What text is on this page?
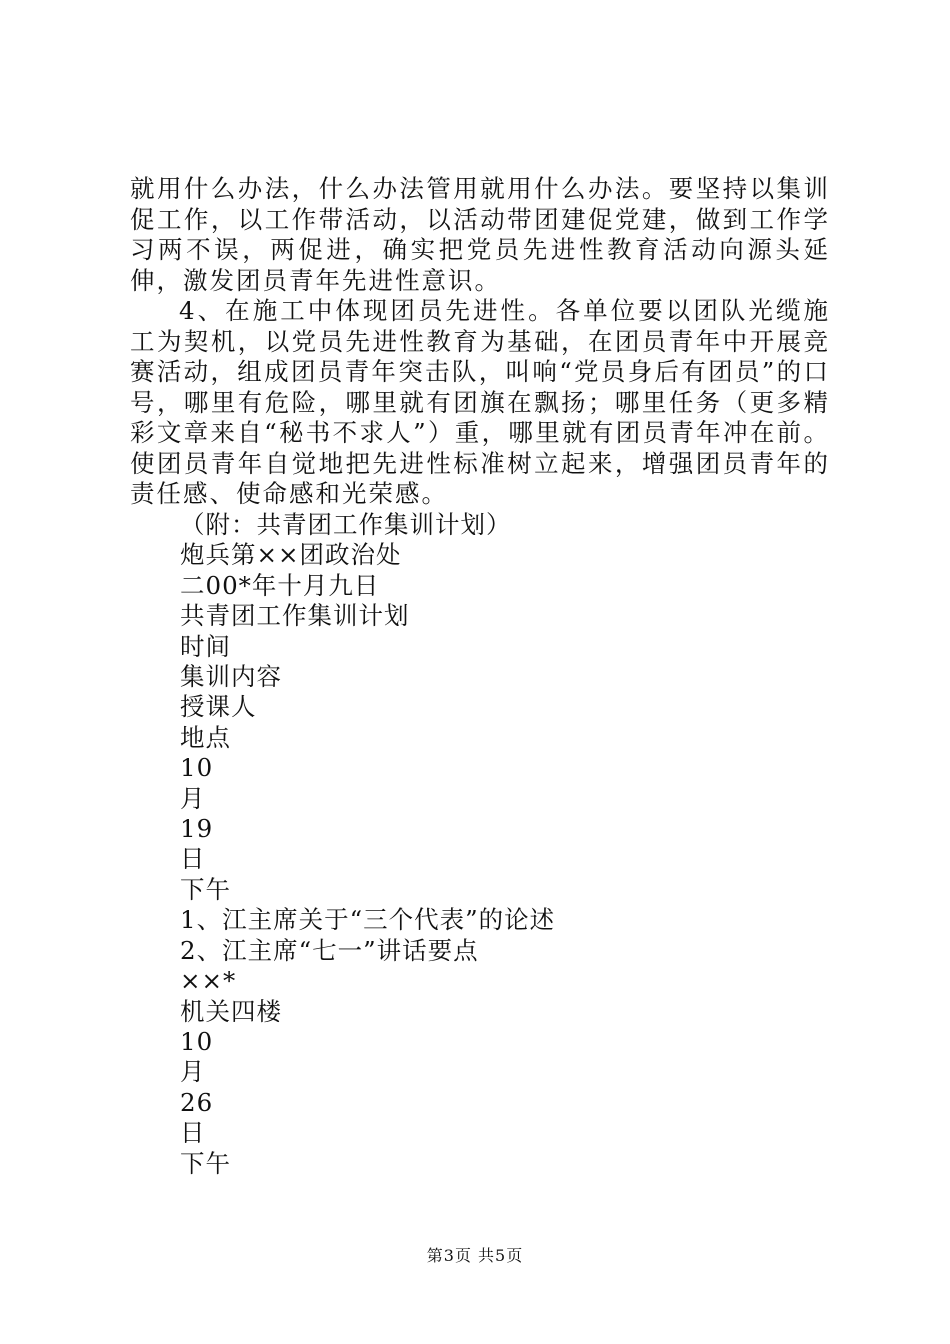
就用什么办法，什么办法管用就用什么办法。要坚持以集训促工作，以工作带活动，以活动带团建促党建，做到工作学习两不误，两促进，确实把党员先进性教育活动向源头延伸，激发团员青年先进性意识。

4、在施工中体现团员先进性。各单位要以团队光缆施工为契机，以党员先进性教育为基础，在团员青年中开展竞赛活动，组成团员青年突击队，叫响“党员身后有团员”的口号，哪里有危险，哪里就有团旗在飘扬；哪里任务（更多精彩文章来自“秘书不求人”）重，哪里就有团员青年冲在前。使团员青年自觉地把先进性标准树立起来，增强团员青年的责任感、使命感和光荣感。

（附：共青团工作集训计划）
炮兵第××团政治处
二00*年十月九日
共青团工作集训计划
时间
集训内容
授课人
地点
10
月
19
日
下午
1、江主席关于“三个代表”的论述
2、江主席“七一”讲话要点
××*
机关四楼
10
月
26
日
下午
第3页 共5页
